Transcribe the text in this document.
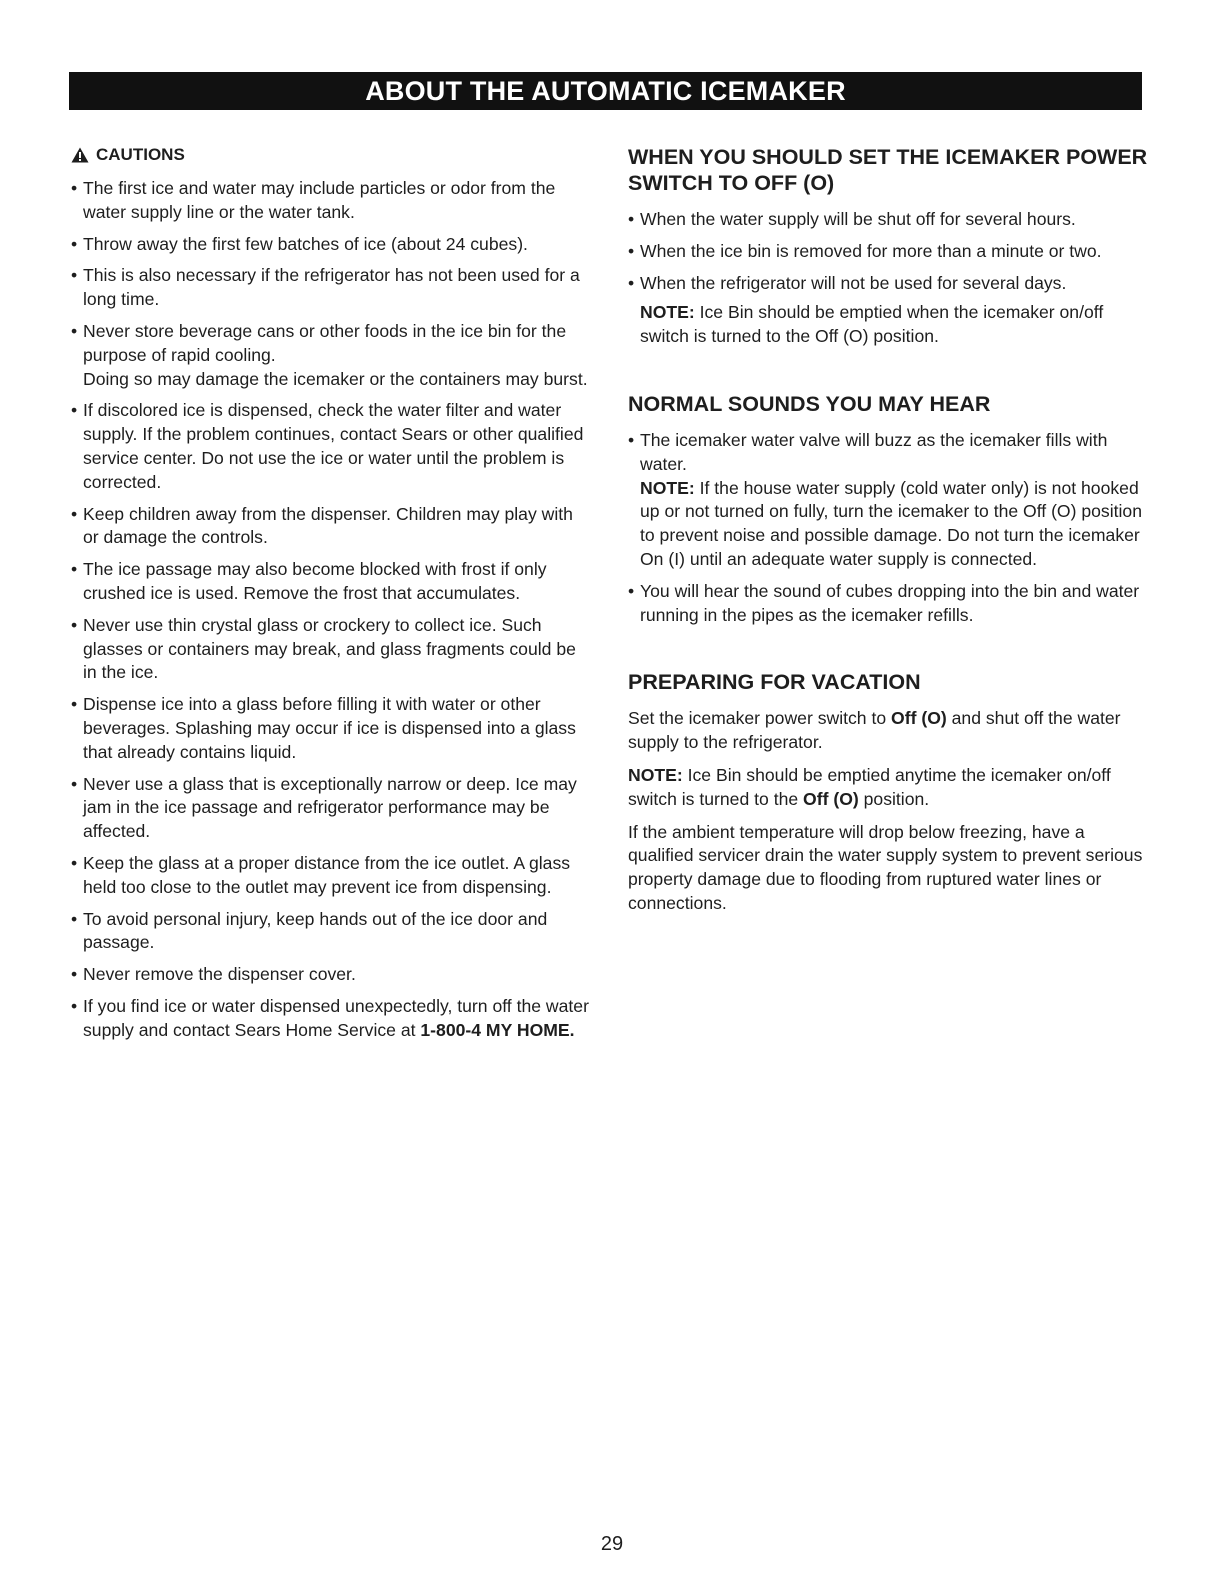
ABOUT THE AUTOMATIC ICEMAKER
CAUTIONS
• The first ice and water may include particles or odor from the water supply line or the water tank.
• Throw away the first few batches of ice (about 24 cubes).
• This is also necessary if the refrigerator has not been used for a long time.
• Never store beverage cans or other foods in the ice bin for the purpose of rapid cooling.
Doing so may damage the icemaker or the containers may burst.
• If discolored ice is dispensed, check the water filter and water supply. If the problem continues, contact Sears or other qualified service center. Do not use the ice or water until the problem is corrected.
• Keep children away from the dispenser. Children may play with or damage the controls.
• The ice passage may also become blocked with frost if only crushed ice is used. Remove the frost that accumulates.
• Never use thin crystal glass or crockery to collect ice. Such glasses or containers may break, and glass fragments could be in the ice.
• Dispense ice into a glass before filling it with water or other beverages. Splashing may occur if ice is dispensed into a glass that already contains liquid.
• Never use a glass that is exceptionally narrow or deep. Ice may jam in the ice passage and refrigerator performance may be affected.
• Keep the glass at a proper distance from the ice outlet. A glass held too close to the outlet may prevent ice from dispensing.
• To avoid personal injury, keep hands out of the ice door and passage.
• Never remove the dispenser cover.
• If you find ice or water dispensed unexpectedly, turn off the water supply and contact Sears Home Service at 1-800-4 MY HOME.
WHEN YOU SHOULD SET THE ICEMAKER POWER SWITCH TO OFF (O)
• When the water supply will be shut off for several hours.
• When the ice bin is removed for more than a minute or two.
• When the refrigerator will not be used for several days.

NOTE: Ice Bin should be emptied when the icemaker on/off switch is turned to the Off (O) position.

NORMAL SOUNDS YOU MAY HEAR
• The icemaker water valve will buzz as the icemaker fills with water.
NOTE: If the house water supply (cold water only) is not hooked up or not turned on fully, turn the icemaker to the Off (O) position to prevent noise and possible damage. Do not turn the icemaker On (I) until an adequate water supply is connected.
• You will hear the sound of cubes dropping into the bin and water running in the pipes as the icemaker refills.
PREPARING FOR VACATION

Set the icemaker power switch to Off (O) and shut off the water supply to the refrigerator.

NOTE: Ice Bin should be emptied anytime the icemaker on/off switch is turned to the Off (O) position.

If the ambient temperature will drop below freezing, have a qualified servicer drain the water supply system to prevent serious property damage due to flooding from ruptured water lines or connections.

29
